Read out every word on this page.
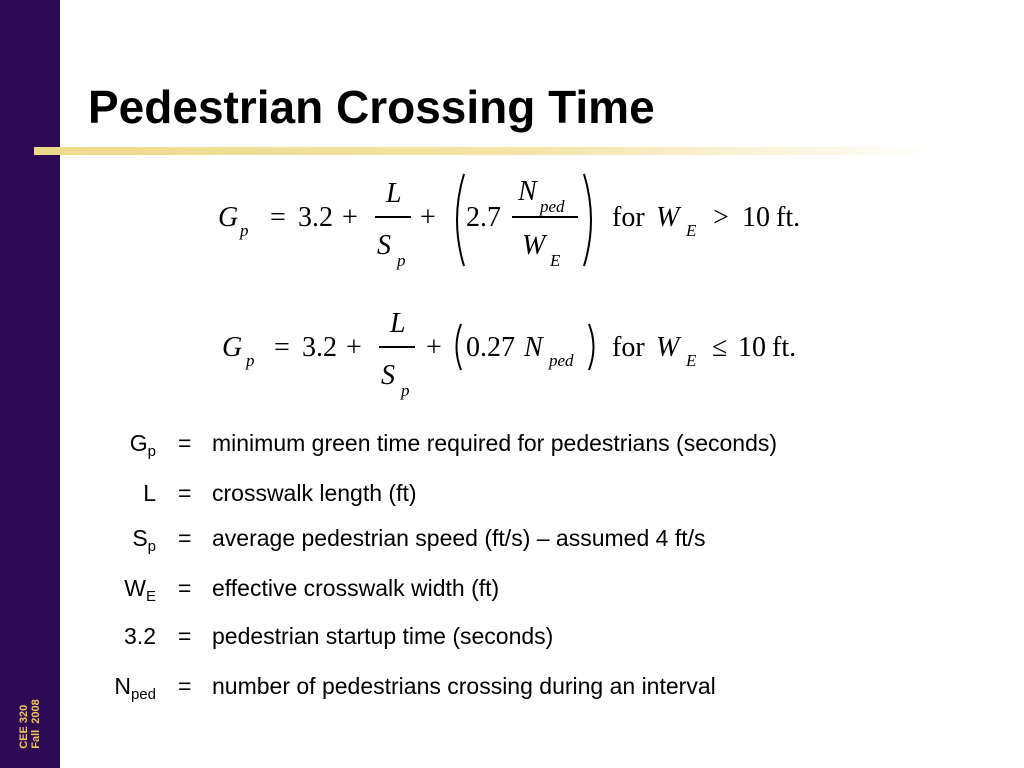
CEE 320
Fall  2008
Pedestrian Crossing Time
G p = 3.2 +
L
S p
+ 2.7
N ped
W E
for W E > 10 ft.
G p = 3.2 +
L
S p
+ 0.27 N ped for W E ≤ 10 ft.
$G_p$ = minimum green time required for pedestrians (seconds)
L = crosswalk length (ft)
$S_p$ = average pedestrian speed (ft/s) – assumed 4 ft/s
$W_E$ = effective crosswalk width (ft)
3.2 = pedestrian startup time (seconds)
$N_{ped}$ = number of pedestrians crossing during an interval
